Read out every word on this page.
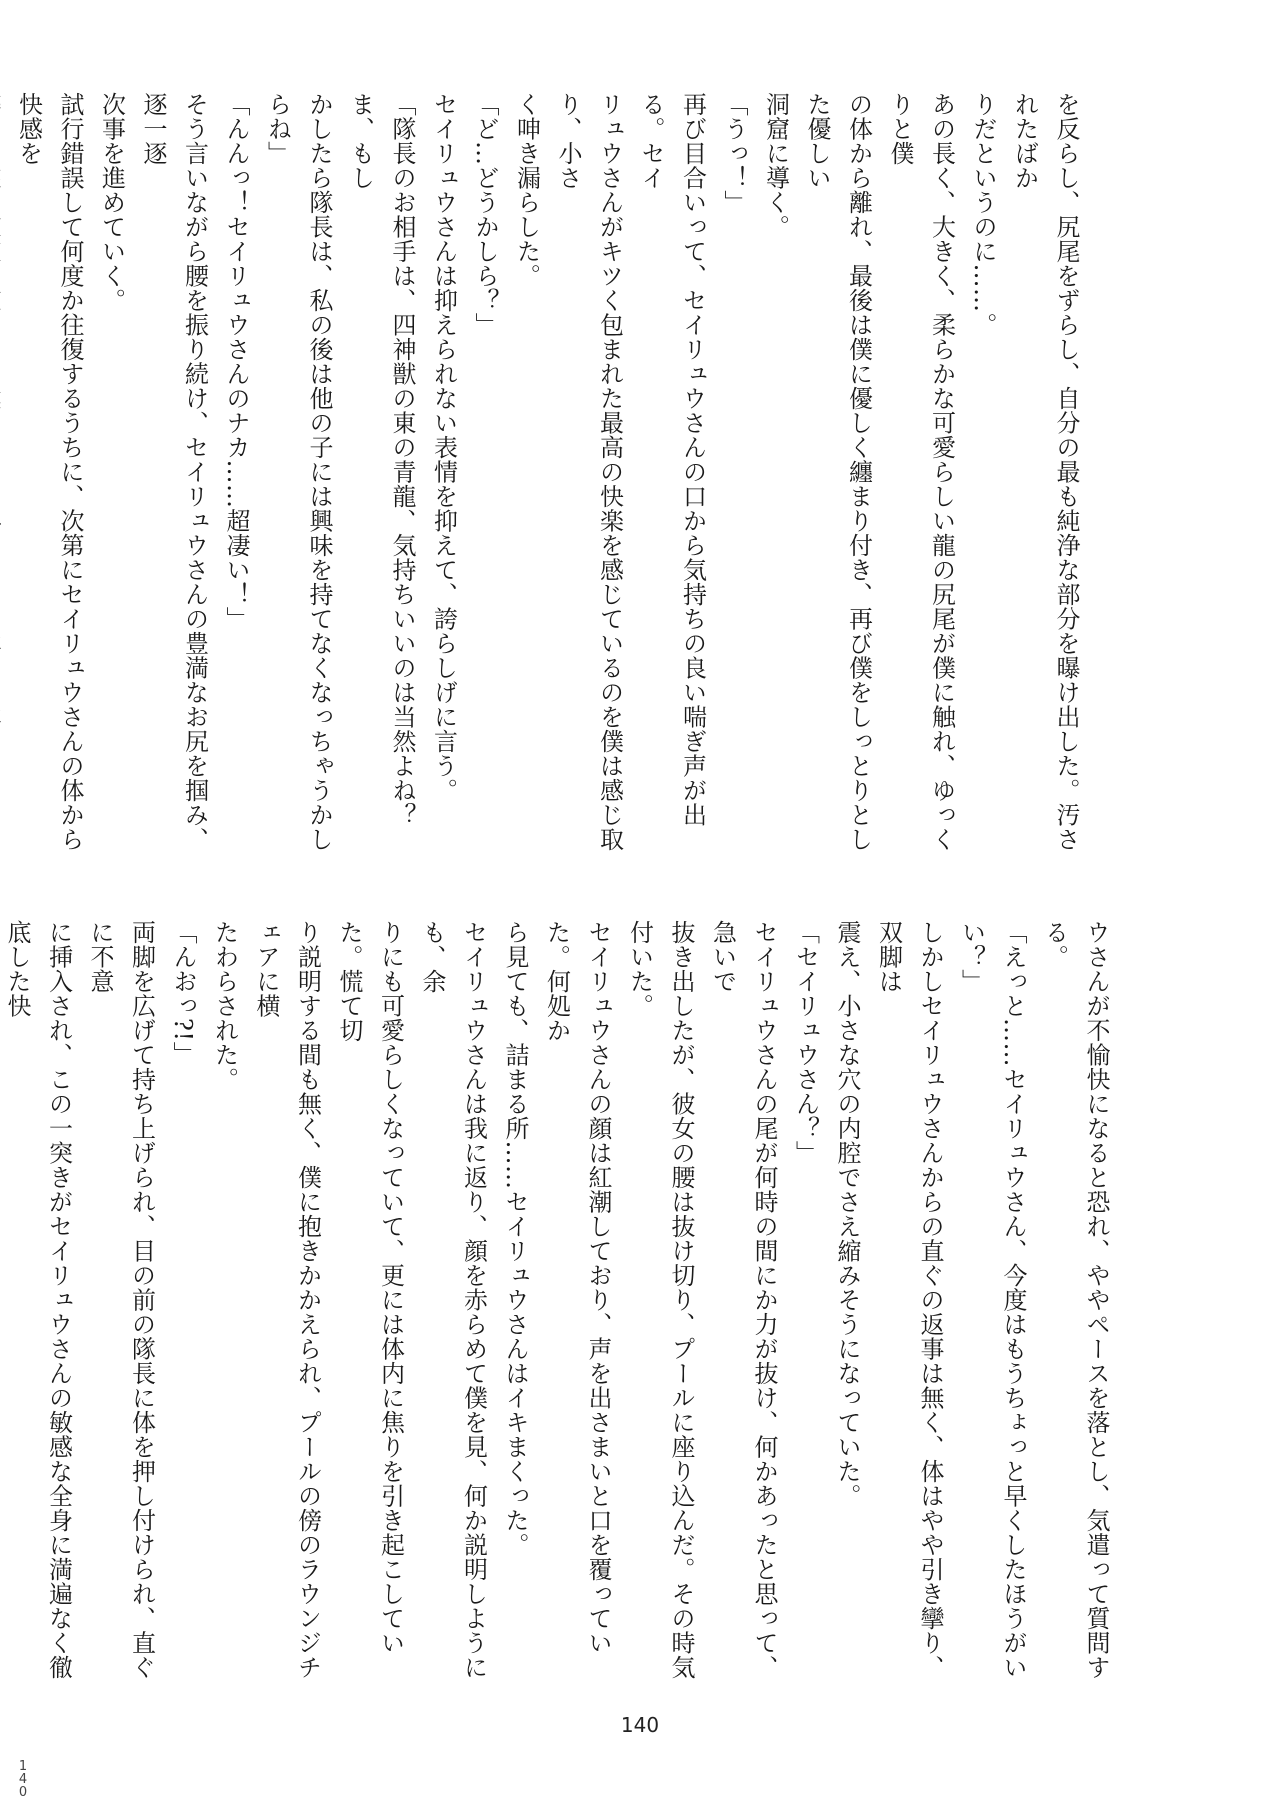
を反らし、尻尾をずらし、自分の最も純浄な部分を曝け出した。汚されたばか

りだというのに……。

あの長く、大きく、柔らかな可愛らしい龍の尻尾が僕に触れ、ゆっくりと僕

の体から離れ、最後は僕に優しく纏まり付き、再び僕をしっとりとした優しい

洞窟に導く。

「うっ！」

再び目合いって、セイリュウさんの口から気持ちの良い喘ぎ声が出る。セイ

リュウさんがキツく包まれた最高の快楽を感じているのを僕は感じ取り、小さ

く呻き漏らした。

「ど…どうかしら？」

セイリュウさんは抑えられない表情を抑えて、誇らしげに言う。

「隊長のお相手は、四神獣の東の青龍、気持ちいいのは当然よね？ま、もし

かしたら隊長は、私の後は他の子には興味を持てなくなっちゃうかしらね」

「んんっ！セイリュウさんのナカ……超凄い！」

そう言いながら腰を振り続け、セイリュウさんの豊満なお尻を掴み、逐一逐

次事を進めていく。

試行錯誤して何度か往復するうちに、次第にセイリュウさんの体から快感を

ウさんが不愉快になると恐れ、ややペースを落とし、気遣って質問する。

「えっと……セイリュウさん、今度はもうちょっと早くしたほうがいい？」

しかしセイリュウさんからの直ぐの返事は無く、体はやや引き攣り、双脚は

震え、小さな穴の内腔でさえ縮みそうになっていた。

「セイリュウさん？」

セイリュウさんの尾が何時の間にか力が抜け、何かあったと思って、急いで

抜き出したが、彼女の腰は抜け切り、プールに座り込んだ。その時気付いた。

セイリュウさんの顔は紅潮しており、声を出さまいと口を覆っていた。何処か

ら見ても、詰まる所……セイリュウさんはイキまくった。

セイリュウさんは我に返り、顔を赤らめて僕を見、何か説明しようにも、余

りにも可愛らしくなっていて、更には体内に焦りを引き起こしていた。慌て切

り説明する間も無く、僕に抱きかかえられ、プールの傍のラウンジチェアに横

たわらされた。

「んおっ?!」

両脚を広げて持ち上げられ、目の前の隊長に体を押し付けられ、直ぐに不意

に挿入され、この一突きがセイリュウさんの敏感な全身に満遍なく徹底した快

140
1
4
0
